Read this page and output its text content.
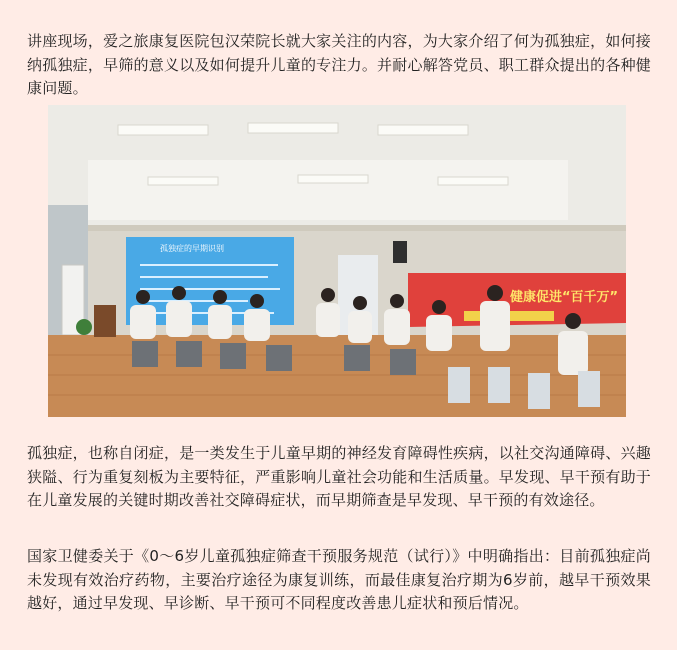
讲座现场，爱之旅康复医院包汉荣院长就大家关注的内容，为大家介绍了何为孤独症，如何接纳孤独症，早筛的意义以及如何提升儿童的专注力。并耐心解答党员、职工群众提出的各种健康问题。

孤独症的早期识别
健康促进“百千万”

孤独症，也称自闭症，是一类发生于儿童早期的神经发育障碍性疾病，以社交沟通障碍、兴趣狭隘、行为重复刻板为主要特征，严重影响儿童社会功能和生活质量。早发现、早干预有助于在儿童发展的关键时期改善社交障碍症状，而早期筛查是早发现、早干预的有效途径。

国家卫健委关于《0～6岁儿童孤独症筛查干预服务规范（试行）》中明确指出：目前孤独症尚未发现有效治疗药物，主要治疗途径为康复训练，而最佳康复治疗期为6岁前，越早干预效果越好，通过早发现、早诊断、早干预可不同程度改善患儿症状和预后情况。
